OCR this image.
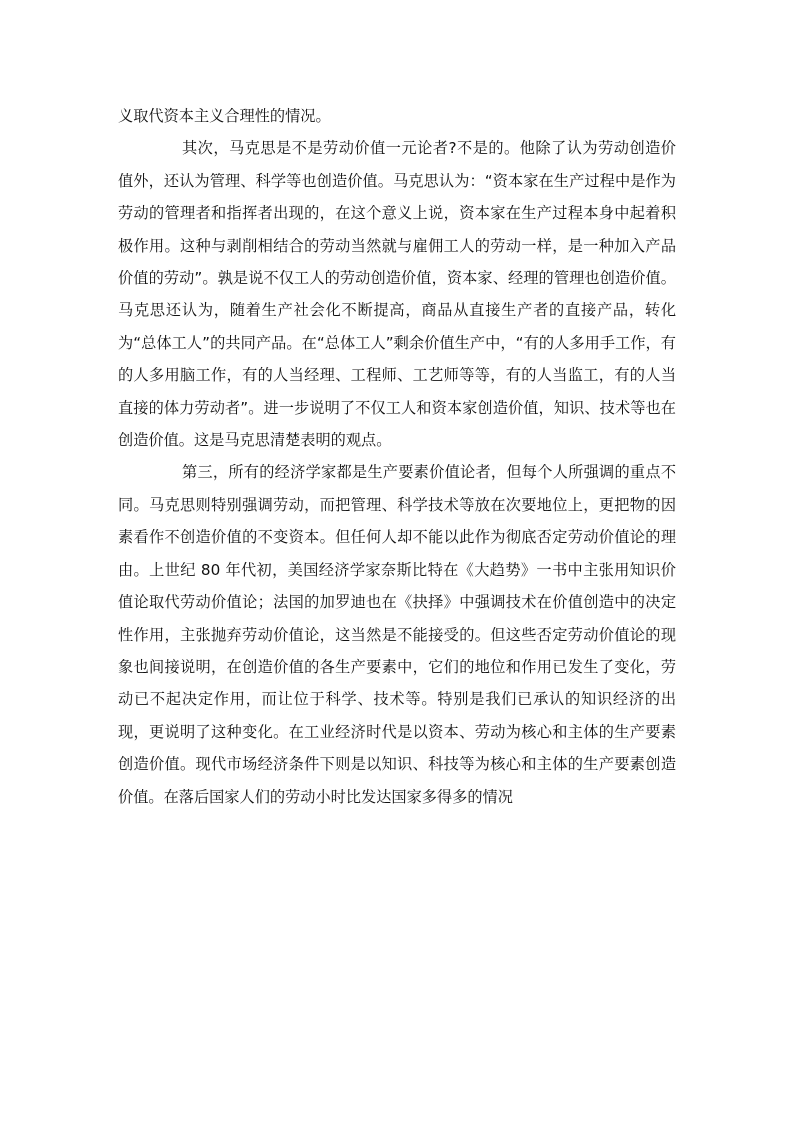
义取代资本主义合理性的情况。

其次，马克思是不是劳动价值一元论者?不是的。他除了认为劳动创造价值外，还认为管理、科学等也创造价值。马克思认为：“资本家在生产过程中是作为劳动的管理者和指挥者出现的，在这个意义上说，资本家在生产过程本身中起着积极作用。这种与剥削相结合的劳动当然就与雇佣工人的劳动一样，是一种加入产品价值的劳动”。孰是说不仅工人的劳动创造价值，资本家、经理的管理也创造价值。马克思还认为，随着生产社会化不断提高，商品从直接生产者的直接产品，转化为“总体工人”的共同产品。在“总体工人”剩余价值生产中，“有的人多用手工作，有的人多用脑工作，有的人当经理、工程师、工艺师等等，有的人当监工，有的人当直接的体力劳动者”。进一步说明了不仅工人和资本家创造价值，知识、技术等也在创造价值。这是马克思清楚表明的观点。

第三，所有的经济学家都是生产要素价值论者，但每个人所强调的重点不同。马克思则特别强调劳动，而把管理、科学技术等放在次要地位上，更把物的因素看作不创造价值的不变资本。但任何人却不能以此作为彻底否定劳动价值论的理由。上世纪 80 年代初，美国经济学家奈斯比特在《大趋势》一书中主张用知识价值论取代劳动价值论；法国的加罗迪也在《抉择》中强调技术在价值创造中的决定性作用，主张抛弃劳动价值论，这当然是不能接受的。但这些否定劳动价值论的现象也间接说明，在创造价值的各生产要素中，它们的地位和作用已发生了变化，劳动已不起决定作用，而让位于科学、技术等。特别是我们已承认的知识经济的出现，更说明了这种变化。在工业经济时代是以资本、劳动为核心和主体的生产要素创造价值。现代市场经济条件下则是以知识、科技等为核心和主体的生产要素创造价值。在落后国家人们的劳动小时比发达国家多得多的情况
